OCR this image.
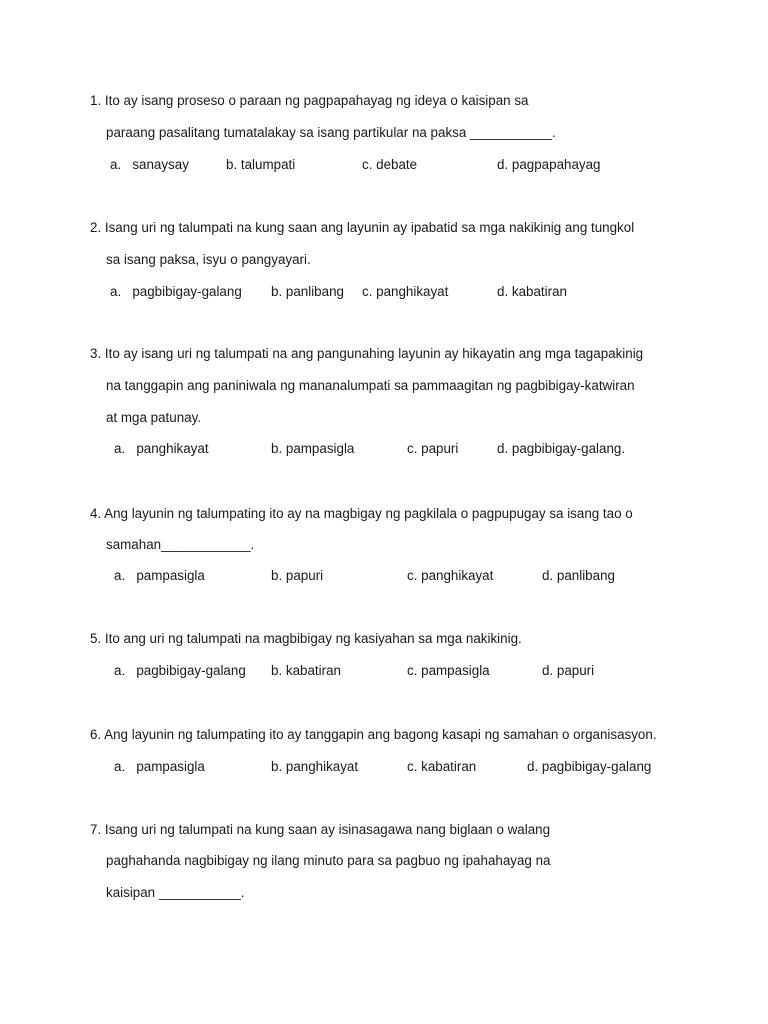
1. Ito ay isang proseso o paraan ng pagpapahayag ng ideya o kaisipan sa
paraang pasalitang tumatalakay sa isang partikular na paksa ___________.
a.   sanaysay	b. talumpati	c. debate	d. pagpapahayag
2. Isang uri ng talumpati na kung saan ang layunin ay ipabatid sa mga nakikinig ang tungkol
sa isang paksa, isyu o pangyayari.
a.   pagbibigay-galang b. panlibang c. panghikayat	d. kabatiran
3. Ito ay isang uri ng talumpati na ang pangunahing layunin ay hikayatin ang mga tagapakinig
na tanggapin ang paniniwala ng mananalumpati sa pammaagitan ng pagbibigay-katwiran
at mga patunay.
a.   panghikayat	b. pampasigla	c. papuri	d. pagbibigay-galang.
4. Ang layunin ng talumpating ito ay na magbigay ng pagkilala o pagpupugay sa isang tao o
samahan____________.
a.   pampasigla	b. papuri	c. panghikayat	d. panlibang
5. Ito ang uri ng talumpati na magbibigay ng kasiyahan sa mga nakikinig.
a.   pagbibigay-galang b. kabatiran	c. pampasigla	d. papuri
6. Ang layunin ng talumpating ito ay tanggapin ang bagong kasapi ng samahan o organisasyon.
a.   pampasigla	b. panghikayat	c. kabatiran	d. pagbibigay-galang
7. Isang uri ng talumpati na kung saan ay isinasagawa nang biglaan o walang
paghahanda nagbibigay ng ilang minuto para sa pagbuo ng ipahahayag na
kaisipan ___________.
